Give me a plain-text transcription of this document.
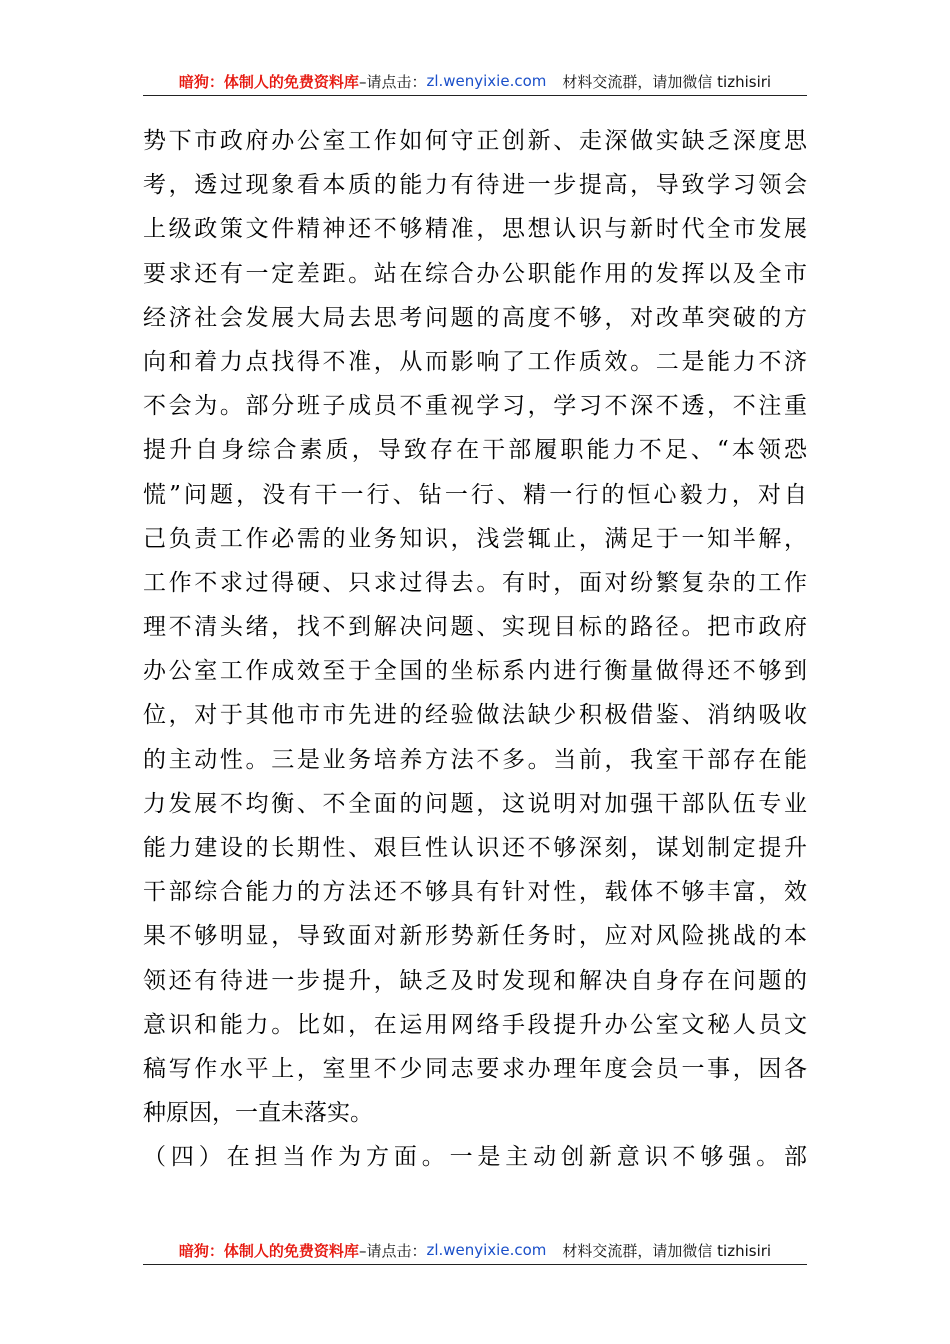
暗狗：体制人的免费资料库 –请点击： zl.wenyixie.com 材料交流群，请加微信 tizhisiri
势下市政府办公室工作如何守正创新、走深做实缺乏深度思
考，透过现象看本质的能力有待进一步提高，导致学习领会
上级政策文件精神还不够精准，思想认识与新时代全市发展
要求还有一定差距。站在综合办公职能作用的发挥以及全市
经济社会发展大局去思考问题的高度不够，对改革突破的方
向和着力点找得不准，从而影响了工作质效。二是能力不济
不会为。部分班子成员不重视学习，学习不深不透，不注重
提升自身综合素质，导致存在干部履职能力不足、“本领恐
慌”问题，没有干一行、钻一行、精一行的恒心毅力，对自
己负责工作必需的业务知识，浅尝辄止，满足于一知半解，
工作不求过得硬、只求过得去。有时，面对纷繁复杂的工作
理不清头绪，找不到解决问题、实现目标的路径。把市政府
办公室工作成效至于全国的坐标系内进行衡量做得还不够到
位，对于其他市市先进的经验做法缺少积极借鉴、消纳吸收
的主动性。三是业务培养方法不多。当前，我室干部存在能
力发展不均衡、不全面的问题，这说明对加强干部队伍专业
能力建设的长期性、艰巨性认识还不够深刻，谋划制定提升
干部综合能力的方法还不够具有针对性，载体不够丰富，效
果不够明显，导致面对新形势新任务时，应对风险挑战的本
领还有待进一步提升，缺乏及时发现和解决自身存在问题的
意识和能力。比如，在运用网络手段提升办公室文秘人员文
稿写作水平上，室里不少同志要求办理年度会员一事，因各
种原因，一直未落实。
（四）在担当作为方面。一是主动创新意识不够强。部
暗狗：体制人的免费资料库 –请点击： zl.wenyixie.com 材料交流群，请加微信 tizhisiri
